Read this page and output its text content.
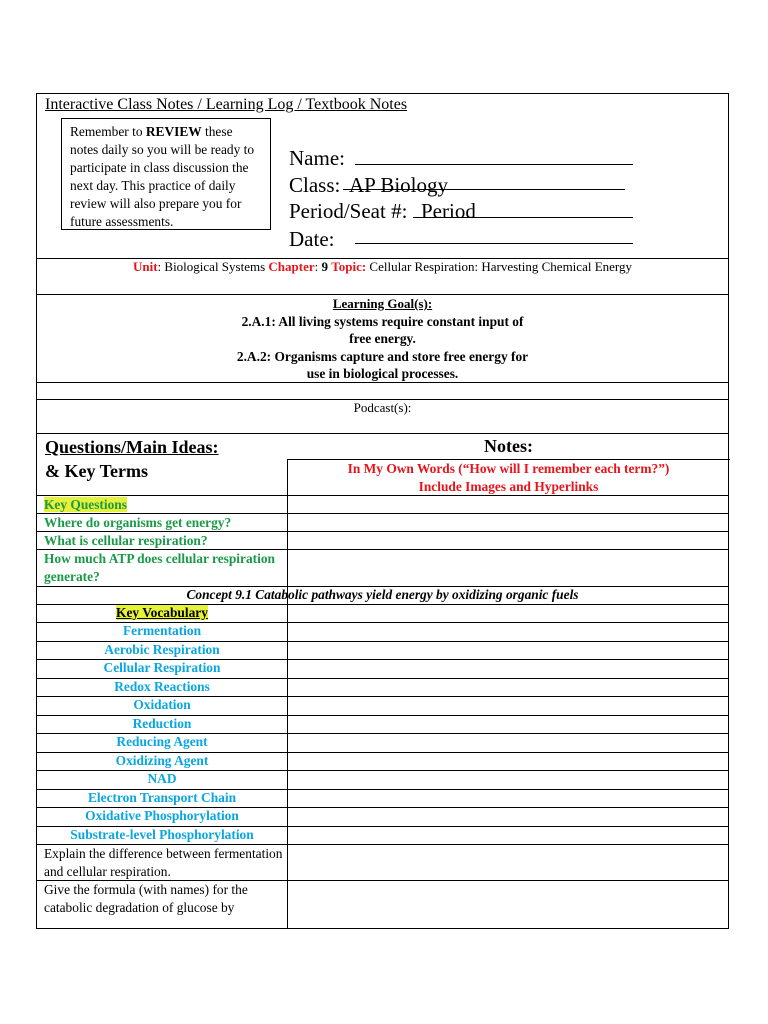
Interactive Class Notes / Learning Log / Textbook Notes
Remember to REVIEW these notes daily so you will be ready to participate in class discussion the next day. This practice of daily review will also prepare you for future assessments.
Name:
Class: AP Biology
Period/Seat #: Period
Date:
Unit: Biological Systems Chapter: 9 Topic: Cellular Respiration: Harvesting Chemical Energy
Learning Goal(s):
2.A.1: All living systems require constant input of
free energy.
2.A.2: Organisms capture and store free energy for
use in biological processes.
Podcast(s):
Questions/Main Ideas:
& Key Terms
Notes:
In My Own Words (“How will I remember each term?”)
Include Images and Hyperlinks
Key Questions
Where do organisms get energy?
What is cellular respiration?
How much ATP does cellular respiration generate?
Concept 9.1 Catabolic pathways yield energy by oxidizing organic fuels
Key Vocabulary
Fermentation
Aerobic Respiration
Cellular Respiration
Redox Reactions
Oxidation
Reduction
Reducing Agent
Oxidizing Agent
NAD
Electron Transport Chain
Oxidative Phosphorylation
Substrate-level Phosphorylation
Explain the difference between fermentation and cellular respiration.
Give the formula (with names) for the catabolic degradation of glucose by
